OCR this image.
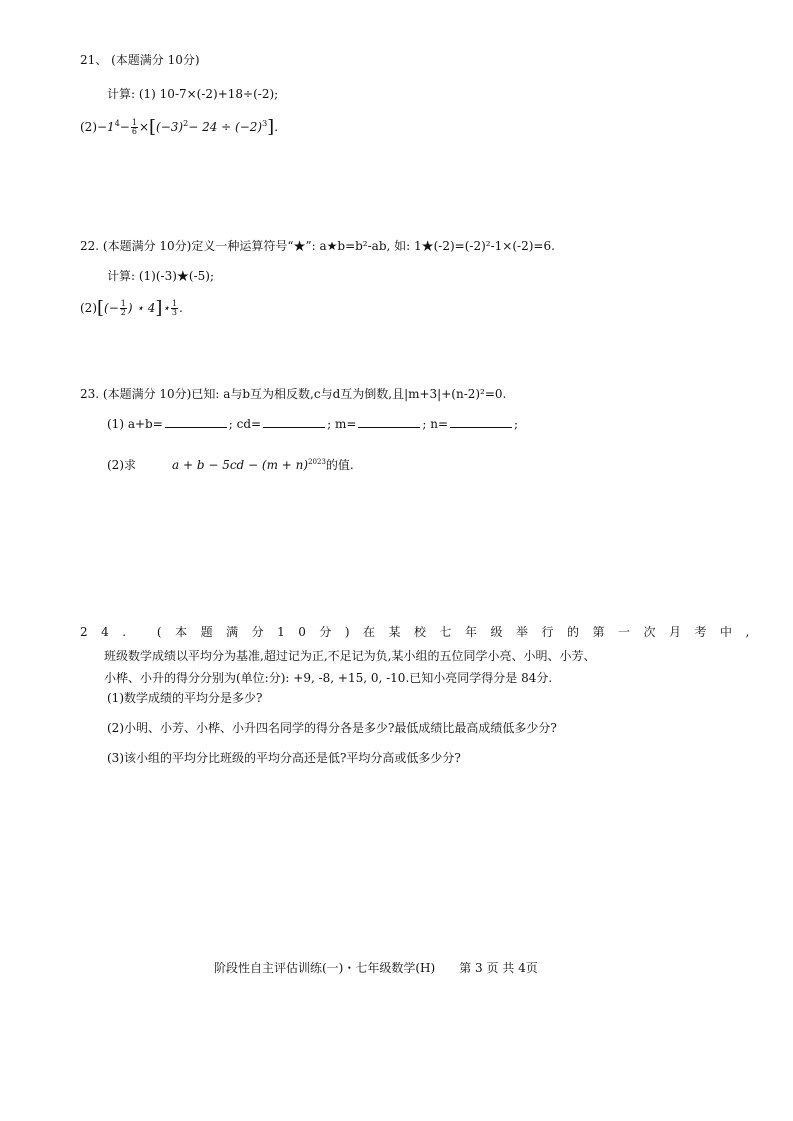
21、 (本题满分 10分)
计算: (1) 10-7×(-2)+18÷(-2);
$(2)-1^4- \frac{1}{6} \times[(-3)^2- 24 \div (-2)^3]$.
22. (本题满分 10分)定义一种运算符号“★”: a★b=b²-ab, 如: 1★(-2)=(-2)²-1×(-2)=6.
计算: (1)(-3)★(-5);
$(2)[(- \frac{1}{2}$ ) ⋆ 4]⋆ $\frac{1}{3}$ .
23. (本题满分 10分)已知: a与b互为相反数,c与d互为倒数,且|m+3|+(n-2)²=0.
(1) a+b=	; cd=	; m=	; n=	;
(2)求	$a + b - 5cd - (m + n)^{2023}$的值.
24. (本题满分10分)在某校七年级举行的第一次月考中,
班级数学成绩以平均分为基准,超过记为正,不足记为负,某小组的五位同学小亮、小明、小芳、
小桦、小升的得分分别为(单位:分): +9, -8, +15, 0, -10.已知小亮同学得分是 84分.
(1)数学成绩的平均分是多少?
(2)小明、小芳、小桦、小升四名同学的得分各是多少?最低成绩比最高成绩低多少分?
(3)该小组的平均分比班级的平均分高还是低?平均分高或低多少分?
阶段性自主评估训练(一)・七年级数学(H)　　第 3 页 共 4页
